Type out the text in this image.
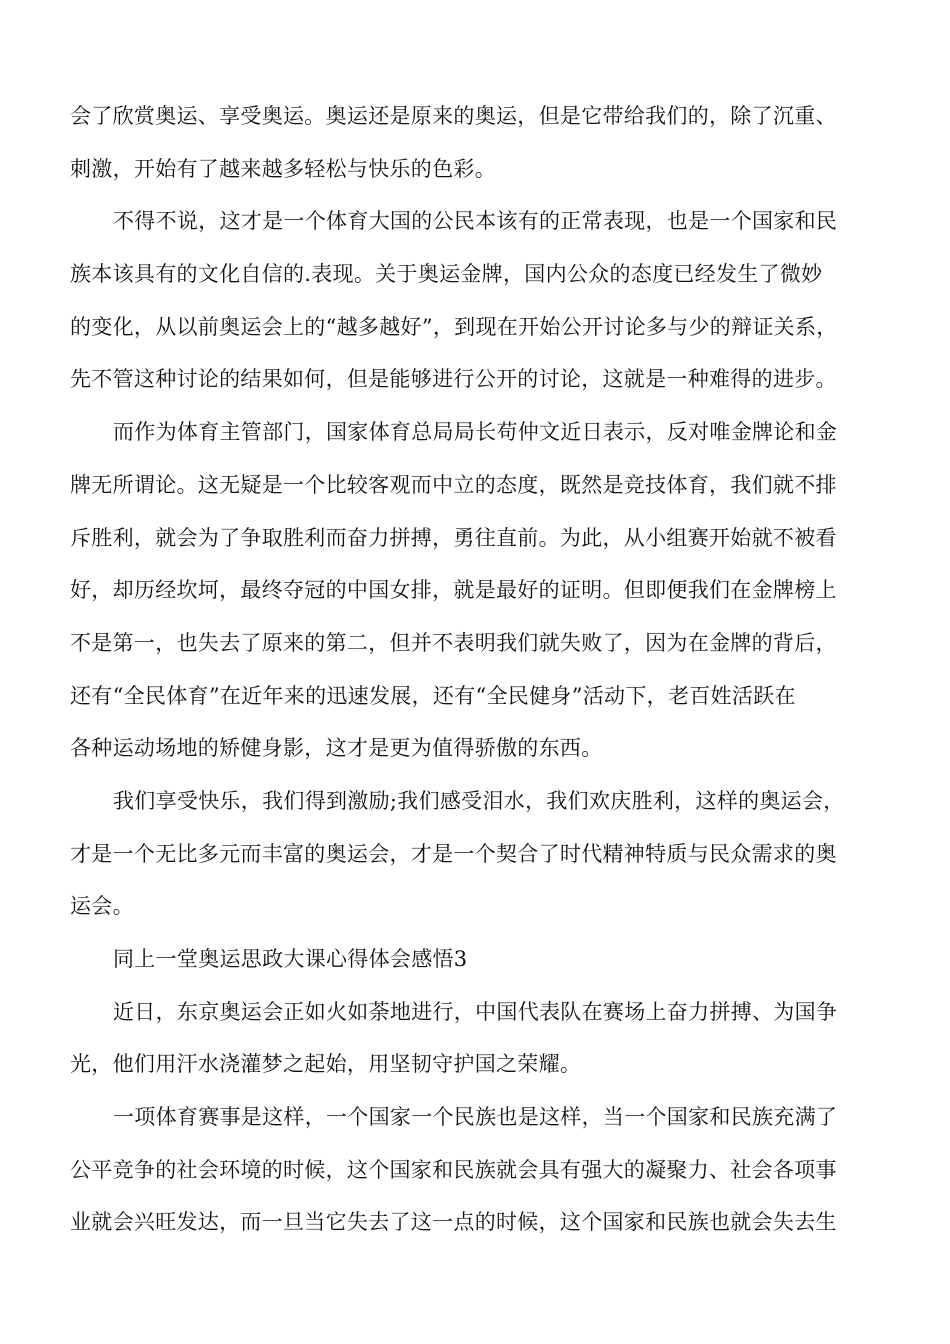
会了欣赏奥运、享受奥运。奥运还是原来的奥运，但是它带给我们的，除了沉重、
刺激，开始有了越来越多轻松与快乐的色彩。
不得不说，这才是一个体育大国的公民本该有的正常表现，也是一个国家和民
族本该具有的文化自信的.表现。关于奥运金牌，国内公众的态度已经发生了微妙
的变化，从以前奥运会上的“越多越好”，到现在开始公开讨论多与少的辩证关系，
先不管这种讨论的结果如何，但是能够进行公开的讨论，这就是一种难得的进步。
而作为体育主管部门，国家体育总局局长苟仲文近日表示，反对唯金牌论和金
牌无所谓论。这无疑是一个比较客观而中立的态度，既然是竞技体育，我们就不排
斥胜利，就会为了争取胜利而奋力拼搏，勇往直前。为此，从小组赛开始就不被看
好，却历经坎坷，最终夺冠的中国女排，就是最好的证明。但即便我们在金牌榜上
不是第一，也失去了原来的第二，但并不表明我们就失败了，因为在金牌的背后，
还有“全民体育”在近年来的迅速发展，还有“全民健身”活动下，老百姓活跃在
各种运动场地的矫健身影，这才是更为值得骄傲的东西。
我们享受快乐，我们得到激励;我们感受泪水，我们欢庆胜利，这样的奥运会，
才是一个无比多元而丰富的奥运会，才是一个契合了时代精神特质与民众需求的奥
运会。
同上一堂奥运思政大课心得体会感悟3
近日，东京奥运会正如火如荼地进行，中国代表队在赛场上奋力拼搏、为国争
光，他们用汗水浇灌梦之起始，用坚韧守护国之荣耀。
一项体育赛事是这样，一个国家一个民族也是这样，当一个国家和民族充满了
公平竞争的社会环境的时候，这个国家和民族就会具有强大的凝聚力、社会各项事
业就会兴旺发达，而一旦当它失去了这一点的时候，这个国家和民族也就会失去生
